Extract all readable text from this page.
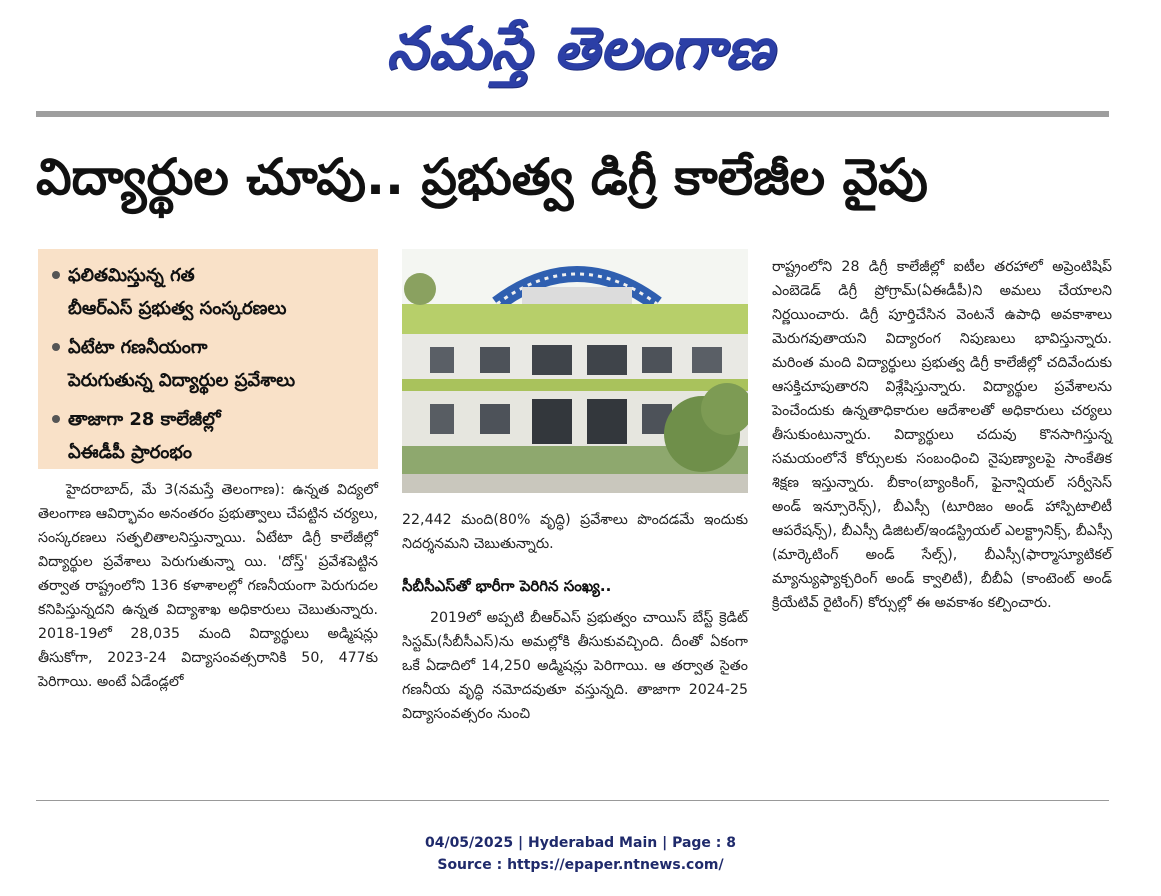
నమస్తే తెలంగాణ
విద్యార్థుల చూపు.. ప్రభుత్వ డిగ్రీ కాలేజీల వైపు
ఫలితమిస్తున్న గత
బీఆర్ఎస్ ప్రభుత్వ సంస్కరణలు
ఏటేటా గణనీయంగా
పెరుగుతున్న విద్యార్థుల ప్రవేశాలు
తాజాగా 28 కాలేజీల్లో
ఏఈడీపీ ప్రారంభం

హైదరాబాద్, మే 3(నమస్తే తెలంగాణ): ఉన్నత విద్యలో తెలంగాణ ఆవిర్భావం అనంతరం ప్రభుత్వాలు చేపట్టిన చర్యలు, సంస్కరణలు సత్ఫలితాలనిస్తున్నాయి. ఏటేటా డిగ్రీ కాలేజీల్లో విద్యార్థుల ప్రవేశాలు పెరుగుతున్నా యి. 'దోస్త్' ప్రవేశపెట్టిన తర్వాత రాష్ట్రంలోని 136 కళాశాలల్లో గణనీయంగా పెరుగుదల కనిపిస్తున్నదని ఉన్నత విద్యాశాఖ అధికారులు చెబుతున్నారు. 2018-19లో 28,035 మంది విద్యార్థులు అడ్మిషన్లు తీసుకోగా, 2023-24 విద్యాసంవత్సరానికి 50, 477కు పెరిగాయి. అంటే ఏడేండ్లలో

22,442 మంది(80% వృద్ధి) ప్రవేశాలు పొందడమే ఇందుకు నిదర్శనమని చెబుతున్నారు.

సీబీసీఎస్‌తో భారీగా పెరిగిన సంఖ్య..

2019లో అప్పటి బీఆర్ఎస్ ప్రభుత్వం చాయిస్ బేస్ట్ క్రెడిట్ సిస్టమ్(సీబీసీఎస్)ను అమల్లోకి తీసుకువచ్చింది. దీంతో ఏకంగా ఒకే ఏడాదిలో 14,250 అడ్మిషన్లు పెరిగాయి. ఆ తర్వాత సైతం గణనీయ వృద్ధి నమోదవుతూ వస్తున్నది. తాజాగా 2024-25 విద్యాసంవత్సరం నుంచి

రాష్ట్రంలోని 28 డిగ్రీ కాలేజీల్లో ఐటీల తరహాలో అప్రెంటిషిప్ ఎంబెడెడ్ డిగ్రీ ప్రోగ్రామ్(ఏఈడీపీ)ని అమలు చేయాలని నిర్ణయించారు. డిగ్రీ పూర్తిచేసిన వెంటనే ఉపాధి అవకాశాలు మెరుగవుతాయని విద్యారంగ నిపుణులు భావిస్తున్నారు. మరింత మంది విద్యార్థులు ప్రభుత్వ డిగ్రీ కాలేజీల్లో చదివేందుకు ఆసక్తిచూపుతారని విశ్లేషిస్తున్నారు. విద్యార్థుల ప్రవేశాలను పెంచేందుకు ఉన్నతాధికారుల ఆదేశాలతో అధికారులు చర్యలు తీసుకుంటున్నారు. విద్యార్థులు చదువు కొనసాగిస్తున్న సమయంలోనే కోర్సులకు సంబంధించి నైపుణ్యాలపై సాంకేతిక శిక్షణ ఇస్తున్నారు. బీకాం(బ్యాంకింగ్, ఫైనాన్షియల్ సర్వీసెస్ అండ్ ఇన్సూరెన్స్), బీఎస్సీ (టూరిజం అండ్ హాస్పిటాలిటీ ఆపరేషన్స్), బీఎస్సీ డిజిటల్/ఇండస్ట్రియల్ ఎలక్ట్రానిక్స్, బీఎస్సీ (మార్కెటింగ్ అండ్ సేల్స్), బీఎస్సీ(ఫార్మాస్యూటికల్ మ్యాన్యుఫ్యాక్చరింగ్ అండ్ క్వాలిటీ), బీబీఏ (కాంటెంట్ అండ్ క్రియేటివ్ రైటింగ్) కోర్సుల్లో ఈ అవకాశం కల్పించారు.

04/05/2025 | Hyderabad Main | Page : 8
Source : https://epaper.ntnews.com/
